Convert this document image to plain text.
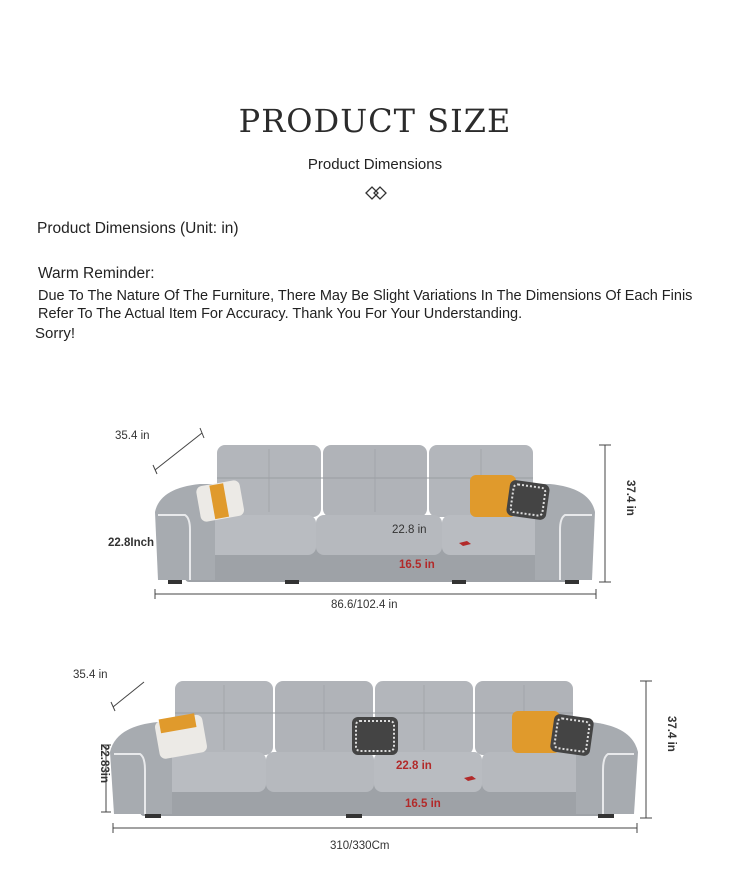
PRODUCT SIZE
Product Dimensions
Product Dimensions (Unit: in)
Warm Reminder:
Due To The Nature Of The Furniture, There May Be Slight Variations In The Dimensions Of Each Finis
Refer To The Actual Item For Accuracy. Thank You For Your Understanding.
Sorry!
35.4 in
37.4 in
22.8Inch
22.8 in
16.5 in
86.6/102.4 in
35.4 in
37.4 in
22.83in	22.8 in
16.5 in
310/330Cm
